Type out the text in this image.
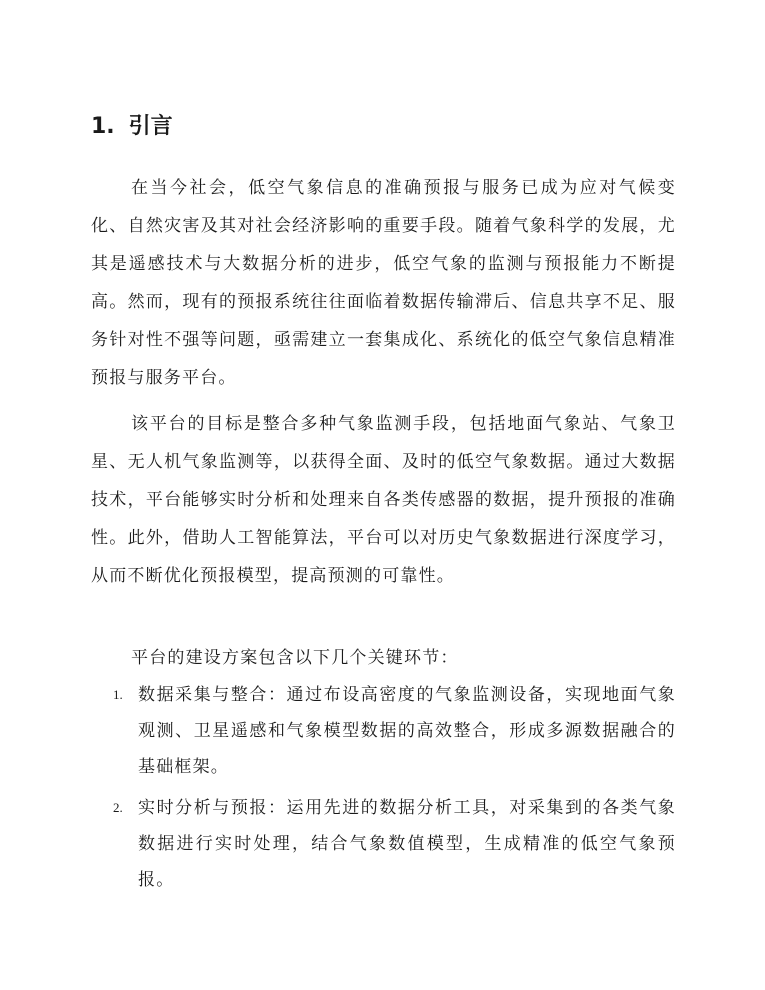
1. 引言

在当今社会，低空气象信息的准确预报与服务已成为应对气候变化、自然灾害及其对社会经济影响的重要手段。随着气象科学的发展，尤其是遥感技术与大数据分析的进步，低空气象的监测与预报能力不断提高。然而，现有的预报系统往往面临着数据传输滞后、信息共享不足、服务针对性不强等问题，亟需建立一套集成化、系统化的低空气象信息精准预报与服务平台。

该平台的目标是整合多种气象监测手段，包括地面气象站、气象卫星、无人机气象监测等，以获得全面、及时的低空气象数据。通过大数据技术，平台能够实时分析和处理来自各类传感器的数据，提升预报的准确性。此外，借助人工智能算法，平台可以对历史气象数据进行深度学习，从而不断优化预报模型，提高预测的可靠性。

平台的建设方案包含以下几个关键环节：

1. 数据采集与整合：通过布设高密度的气象监测设备，实现地面气象观测、卫星遥感和气象模型数据的高效整合，形成多源数据融合的基础框架。
2. 实时分析与预报：运用先进的数据分析工具，对采集到的各类气象数据进行实时处理，结合气象数值模型，生成精准的低空气象预报。
